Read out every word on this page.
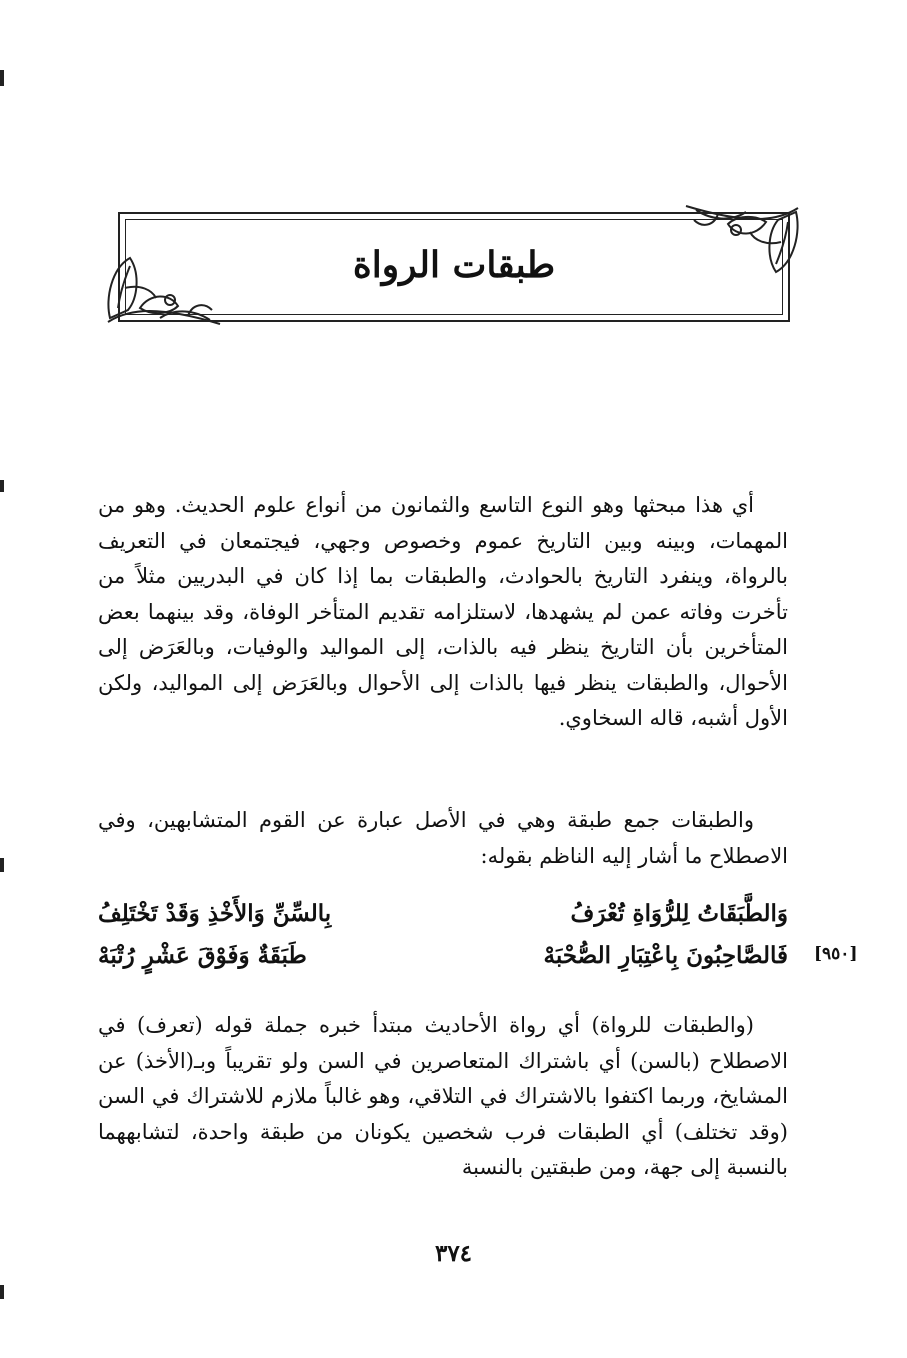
طبقات الرواة
أي هذا مبحثها وهو النوع التاسع والثمانون من أنواع علوم الحديث. وهو من المهمات، وبينه وبين التاريخ عموم وخصوص وجهي، فيجتمعان في التعريف بالرواة، وينفرد التاريخ بالحوادث، والطبقات بما إذا كان في البدريين مثلاً من تأخرت وفاته عمن لم يشهدها، لاستلزامه تقديم المتأخر الوفاة، وقد بينهما بعض المتأخرين بأن التاريخ ينظر فيه بالذات، إلى المواليد والوفيات، وبالعَرَض إلى الأحوال، والطبقات ينظر فيها بالذات إلى الأحوال وبالعَرَض إلى المواليد، ولكن الأول أشبه، قاله السخاوي.
والطبقات جمع طبقة وهي في الأصل عبارة عن القوم المتشابهين، وفي الاصطلاح ما أشار إليه الناظم بقوله:
وَالطَّبَقَاتُ لِلرُّوَاةِ تُعْرَفُ
بِالسِّنِّ وَالأَخْذِ وَقَدْ تَخْتَلِفُ
فَالصَّاحِبُونَ بِاعْتِبَارِ الصُّحْبَهْ
طَبَقَةٌ وَفَوْقَ عَشْرٍ رُتْبَهْ	[٩٥٠]
(والطبقات للرواة) أي رواة الأحاديث مبتدأ خبره جملة قوله (تعرف) في الاصطلاح (بالسن) أي باشتراك المتعاصرين في السن ولو تقريباً وبـ(الأخذ) عن المشايخ، وربما اكتفوا بالاشتراك في التلاقي، وهو غالباً ملازم للاشتراك في السن (وقد تختلف) أي الطبقات فرب شخصين يكونان من طبقة واحدة، لتشابههما بالنسبة إلى جهة، ومن طبقتين بالنسبة
٣٧٤
